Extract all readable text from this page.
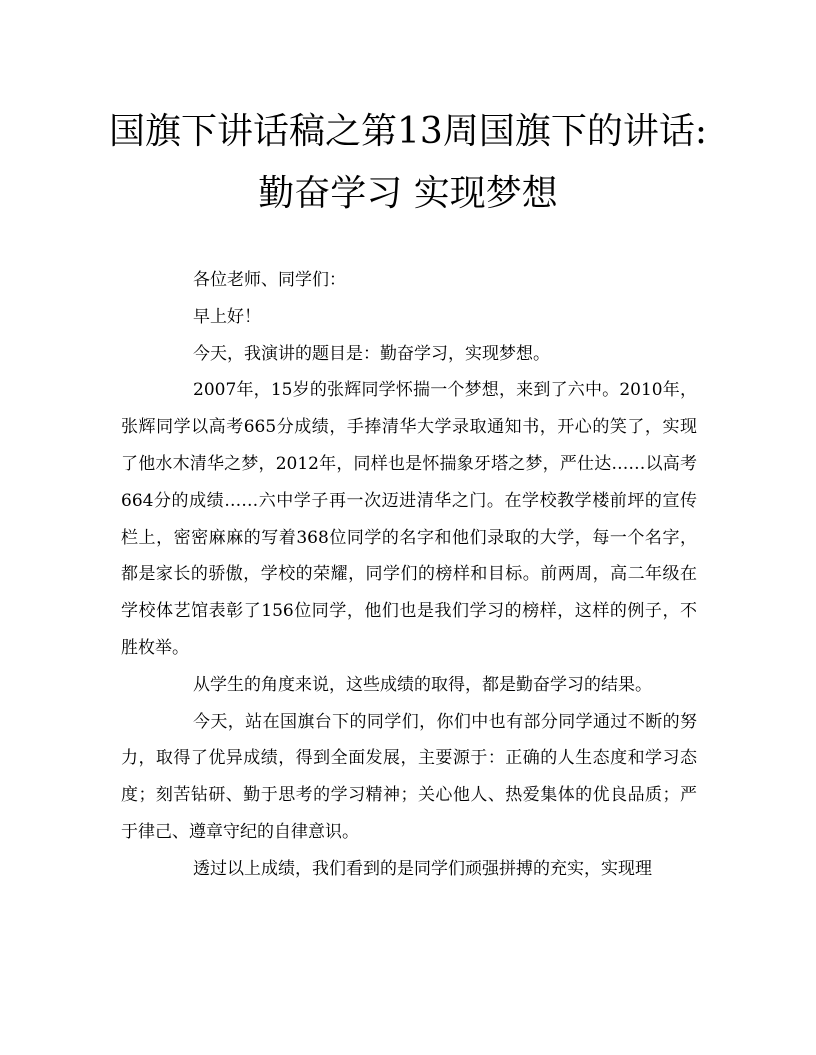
国旗下讲话稿之第13周国旗下的讲话:
勤奋学习 实现梦想

各位老师、同学们：

早上好！

今天，我演讲的题目是：勤奋学习，实现梦想。

2007年，15岁的张辉同学怀揣一个梦想，来到了六中。2010年，张辉同学以高考665分成绩，手捧清华大学录取通知书，开心的笑了，实现了他水木清华之梦，2012年，同样也是怀揣象牙塔之梦，严仕达……以高考664分的成绩……六中学子再一次迈进清华之门。在学校教学楼前坪的宣传栏上，密密麻麻的写着368位同学的名字和他们录取的大学，每一个名字，都是家长的骄傲，学校的荣耀，同学们的榜样和目标。前两周，高二年级在学校体艺馆表彰了156位同学，他们也是我们学习的榜样，这样的例子，不胜枚举。

从学生的角度来说，这些成绩的取得，都是勤奋学习的结果。

今天，站在国旗台下的同学们，你们中也有部分同学通过不断的努力，取得了优异成绩，得到全面发展，主要源于：正确的人生态度和学习态度；刻苦钻研、勤于思考的学习精神；关心他人、热爱集体的优良品质；严于律己、遵章守纪的自律意识。

透过以上成绩，我们看到的是同学们顽强拼搏的充实，实现理
